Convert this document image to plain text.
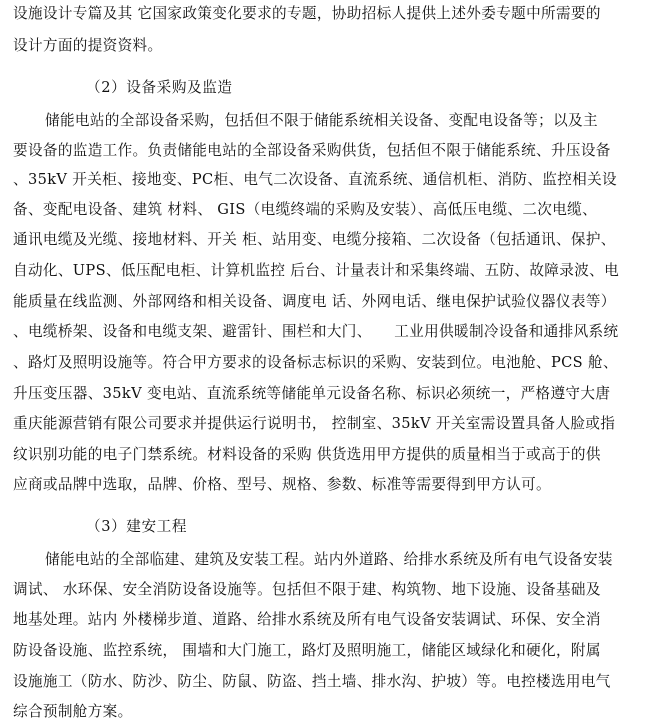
设施设计专篇及其 它国家政策变化要求的专题，协助招标人提供上述外委专题中所需要的
设计方面的提资资料。
（2）设备采购及监造
储能电站的全部设备采购，包括但不限于储能系统相关设备、变配电设备等；以及主
要设备的监造工作。负责储能电站的全部设备采购供货，包括但不限于储能系统、升压设备
、35kV 开关柜、接地变、PC柜、电气二次设备、直流系统、通信机柜、消防、监控相关设
备、变配电设备、建筑 材料、 GIS（电缆终端的采购及安装）、高低压电缆、二次电缆、
通讯电缆及光缆、接地材料、开关 柜、站用变、电缆分接箱、二次设备（包括通讯、保护、
自动化、UPS、低压配电柜、计算机监控 后台、计量表计和采集终端、五防、故障录波、电
能质量在线监测、外部网络和相关设备、调度电 话、外网电话、继电保护试验仪器仪表等）
、电缆桥架、设备和电缆支架、避雷针、围栏和大门、　　工业用供暖制冷设备和通排风系统
、路灯及照明设施等。符合甲方要求的设备标志标识的采购、安装到位。电池舱、PCS 舱、
升压变压器、35kV 变电站、直流系统等储能单元设备名称、标识必须统一，严格遵守大唐
重庆能源营销有限公司要求并提供运行说明书， 控制室、35kV 开关室需设置具备人脸或指
纹识别功能的电子门禁系统。材料设备的采购 供货选用甲方提供的质量相当于或高于的供
应商或品牌中选取，品牌、价格、型号、规格、参数、标准等需要得到甲方认可。
（3）建安工程
储能电站的全部临建、建筑及安装工程。站内外道路、给排水系统及所有电气设备安装
调试、 水环保、安全消防设备设施等。包括但不限于建、构筑物、地下设施、设备基础及
地基处理。站内 外楼梯步道、道路、给排水系统及所有电气设备安装调试、环保、安全消
防设备设施、监控系统， 围墙和大门施工，路灯及照明施工，储能区域绿化和硬化，附属
设施施工（防水、防沙、防尘、防鼠、防盗、挡土墙、排水沟、护坡）等。电控楼选用电气
综合预制舱方案。
